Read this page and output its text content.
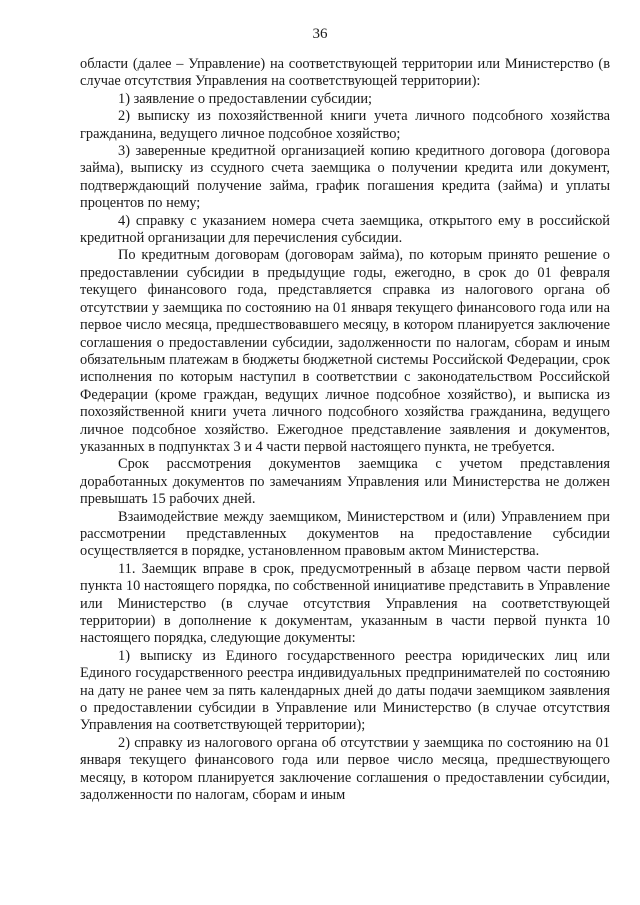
36

области (далее – Управление) на соответствующей территории или Министерство (в случае отсутствия Управления на соответствующей территории):

1) заявление о предоставлении субсидии;

2) выписку из похозяйственной книги учета личного подсобного хозяйства гражданина, ведущего личное подсобное хозяйство;

3) заверенные кредитной организацией копию кредитного договора (договора займа), выписку из ссудного счета заемщика о получении кредита или документ, подтверждающий получение займа, график погашения кредита (займа) и уплаты процентов по нему;

4) справку с указанием номера счета заемщика, открытого ему в российской кредитной организации для перечисления субсидии.

По кредитным договорам (договорам займа), по которым принято решение о предоставлении субсидии в предыдущие годы, ежегодно, в срок до 01 февраля текущего финансового года, представляется справка из налогового органа об отсутствии у заемщика по состоянию на 01 января текущего финансового года или на первое число месяца, предшествовавшего месяцу, в котором планируется заключение соглашения о предоставлении субсидии, задолженности по налогам, сборам и иным обязательным платежам в бюджеты бюджетной системы Российской Федерации, срок исполнения по которым наступил в соответствии с законодательством Российской Федерации (кроме граждан, ведущих личное подсобное хозяйство), и выписка из похозяйственной книги учета личного подсобного хозяйства гражданина, ведущего личное подсобное хозяйство. Ежегодное представление заявления и документов, указанных в подпунктах 3 и 4 части первой настоящего пункта, не требуется.

Срок рассмотрения документов заемщика с учетом представления доработанных документов по замечаниям Управления или Министерства не должен превышать 15 рабочих дней.

Взаимодействие между заемщиком, Министерством и (или) Управлением при рассмотрении представленных документов на предоставление субсидии осуществляется в порядке, установленном правовым актом Министерства.

11. Заемщик вправе в срок, предусмотренный в абзаце первом части первой пункта 10 настоящего порядка, по собственной инициативе представить в Управление или Министерство (в случае отсутствия Управления на соответствующей территории) в дополнение к документам, указанным в части первой пункта 10 настоящего порядка, следующие документы:

1) выписку из Единого государственного реестра юридических лиц или Единого государственного реестра индивидуальных предпринимателей по состоянию на дату не ранее чем за пять календарных дней до даты подачи заемщиком заявления о предоставлении субсидии в Управление или Министерство (в случае отсутствия Управления на соответствующей территории);

2) справку из налогового органа об отсутствии у заемщика по состоянию на 01 января текущего финансового года или первое число месяца, предшествующего месяцу, в котором планируется заключение соглашения о предоставлении субсидии, задолженности по налогам, сборам и иным
